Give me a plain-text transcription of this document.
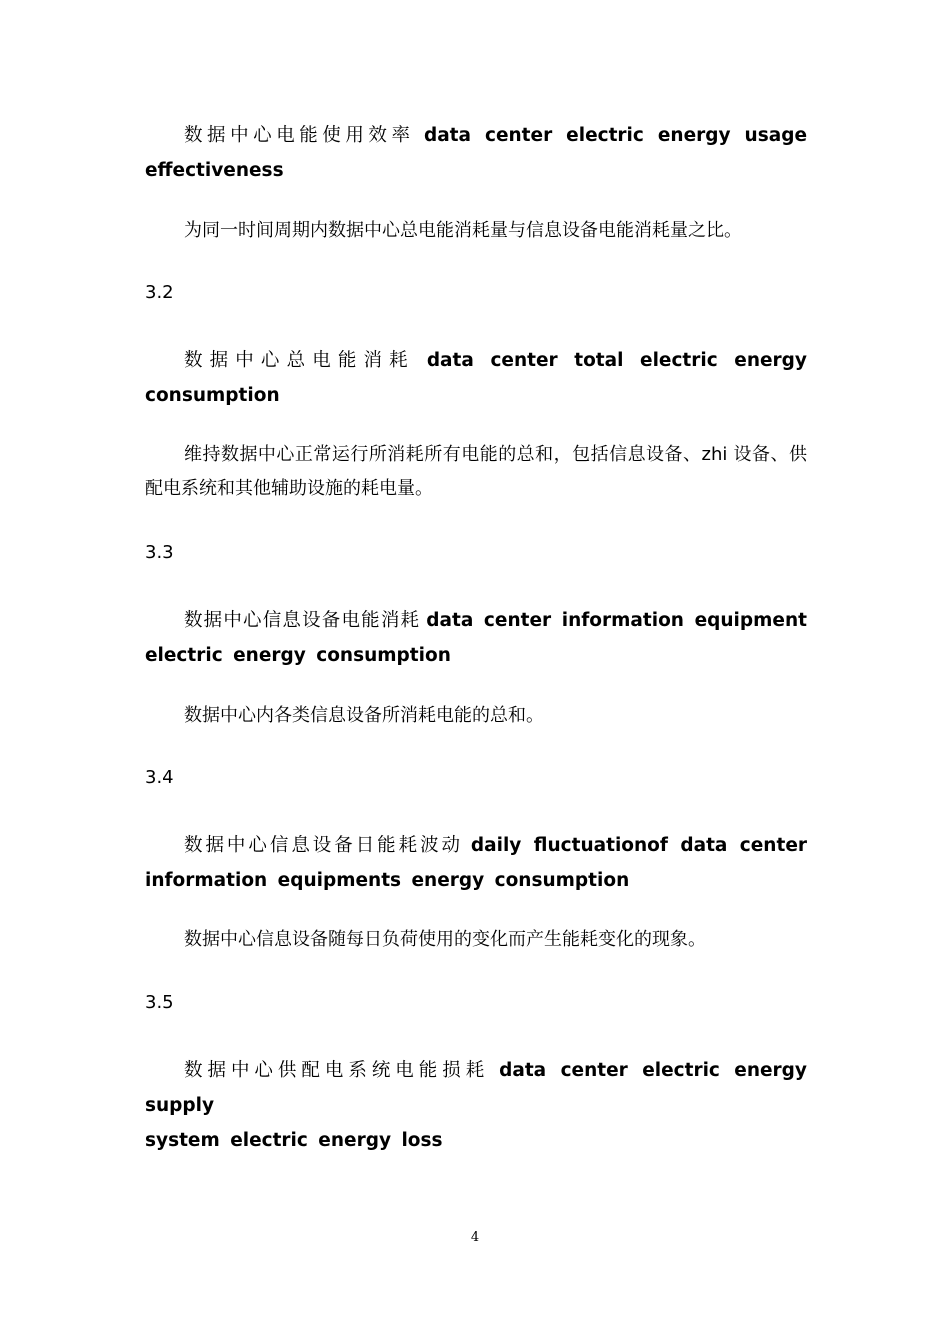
数据中心电能使用效率 data center electric energy usage
effectiveness
为同一时间周期内数据中心总电能消耗量与信息设备电能消耗量之比。
3.2
数据中心总电能消耗 data center total electric energy
consumption
维持数据中心正常运行所消耗所有电能的总和，包括信息设备、zhi 设备、供配电系统和其他辅助设施的耗电量。
3.3
数据中心信息设备电能消耗 data center information equipment
electric energy consumption
数据中心内各类信息设备所消耗电能的总和。
3.4
数据中心信息设备日能耗波动 daily fluctuationof data center
information equipments energy consumption
数据中心信息设备随每日负荷使用的变化而产生能耗变化的现象。
3.5
数据中心供配电系统电能损耗 data center electric energy supply
system electric energy loss
4
